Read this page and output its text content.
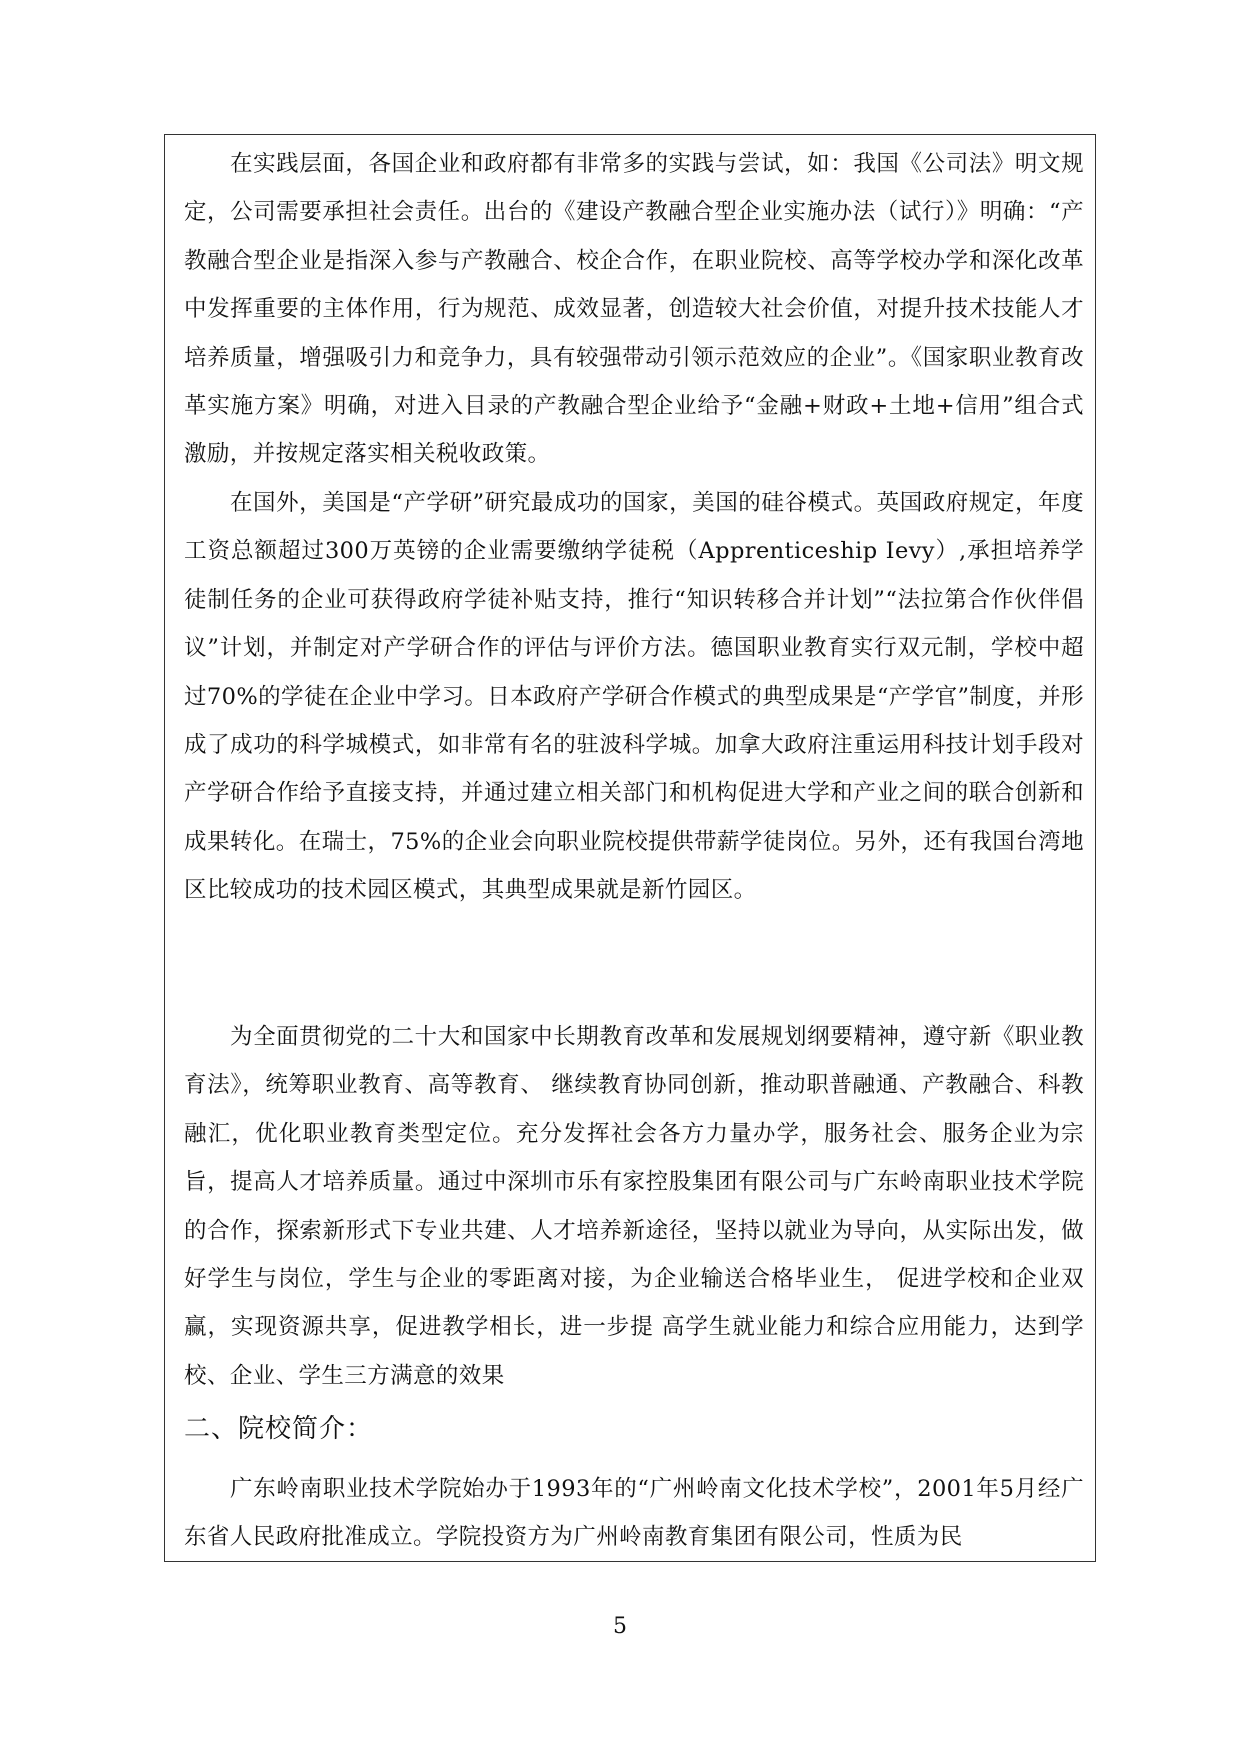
在实践层面，各国企业和政府都有非常多的实践与尝试，如：我国《公司法》明文规定，公司需要承担社会责任。出台的《建设产教融合型企业实施办法（试行）》明确：“产教融合型企业是指深入参与产教融合、校企合作，在职业院校、高等学校办学和深化改革中发挥重要的主体作用，行为规范、成效显著，创造较大社会价值，对提升技术技能人才培养质量，增强吸引力和竞争力，具有较强带动引领示范效应的企业”。《国家职业教育改革实施方案》明确，对进入目录的产教融合型企业给予“金融+财政+土地+信用”组合式激励，并按规定落实相关税收政策。

在国外，美国是“产学研”研究最成功的国家，美国的硅谷模式。英国政府规定，年度工资总额超过300万英镑的企业需要缴纳学徒税（Apprenticeship Ievy）,承担培养学徒制任务的企业可获得政府学徒补贴支持，推行“知识转移合并计划”“法拉第合作伙伴倡议”计划，并制定对产学研合作的评估与评价方法。德国职业教育实行双元制，学校中超过70%的学徒在企业中学习。日本政府产学研合作模式的典型成果是“产学官”制度，并形成了成功的科学城模式，如非常有名的驻波科学城。加拿大政府注重运用科技计划手段对产学研合作给予直接支持，并通过建立相关部门和机构促进大学和产业之间的联合创新和成果转化。在瑞士，75%的企业会向职业院校提供带薪学徒岗位。另外，还有我国台湾地区比较成功的技术园区模式，其典型成果就是新竹园区。

为全面贯彻党的二十大和国家中长期教育改革和发展规划纲要精神，遵守新《职业教育法》，统筹职业教育、高等教育、 继续教育协同创新，推动职普融通、产教融合、科教融汇，优化职业教育类型定位。充分发挥社会各方力量办学，服务社会、服务企业为宗旨，提高人才培养质量。通过中深圳市乐有家控股集团有限公司与广东岭南职业技术学院的合作，探索新形式下专业共建、人才培养新途径，坚持以就业为导向，从实际出发，做好学生与岗位，学生与企业的零距离对接，为企业输送合格毕业生， 促进学校和企业双赢，实现资源共享，促进教学相长，进一步提 高学生就业能力和综合应用能力，达到学校、企业、学生三方满意的效果

二、院校简介：

广东岭南职业技术学院始办于1993年的“广州岭南文化技术学校”，2001年5月经广东省人民政府批准成立。学院投资方为广州岭南教育集团有限公司，性质为民

5
